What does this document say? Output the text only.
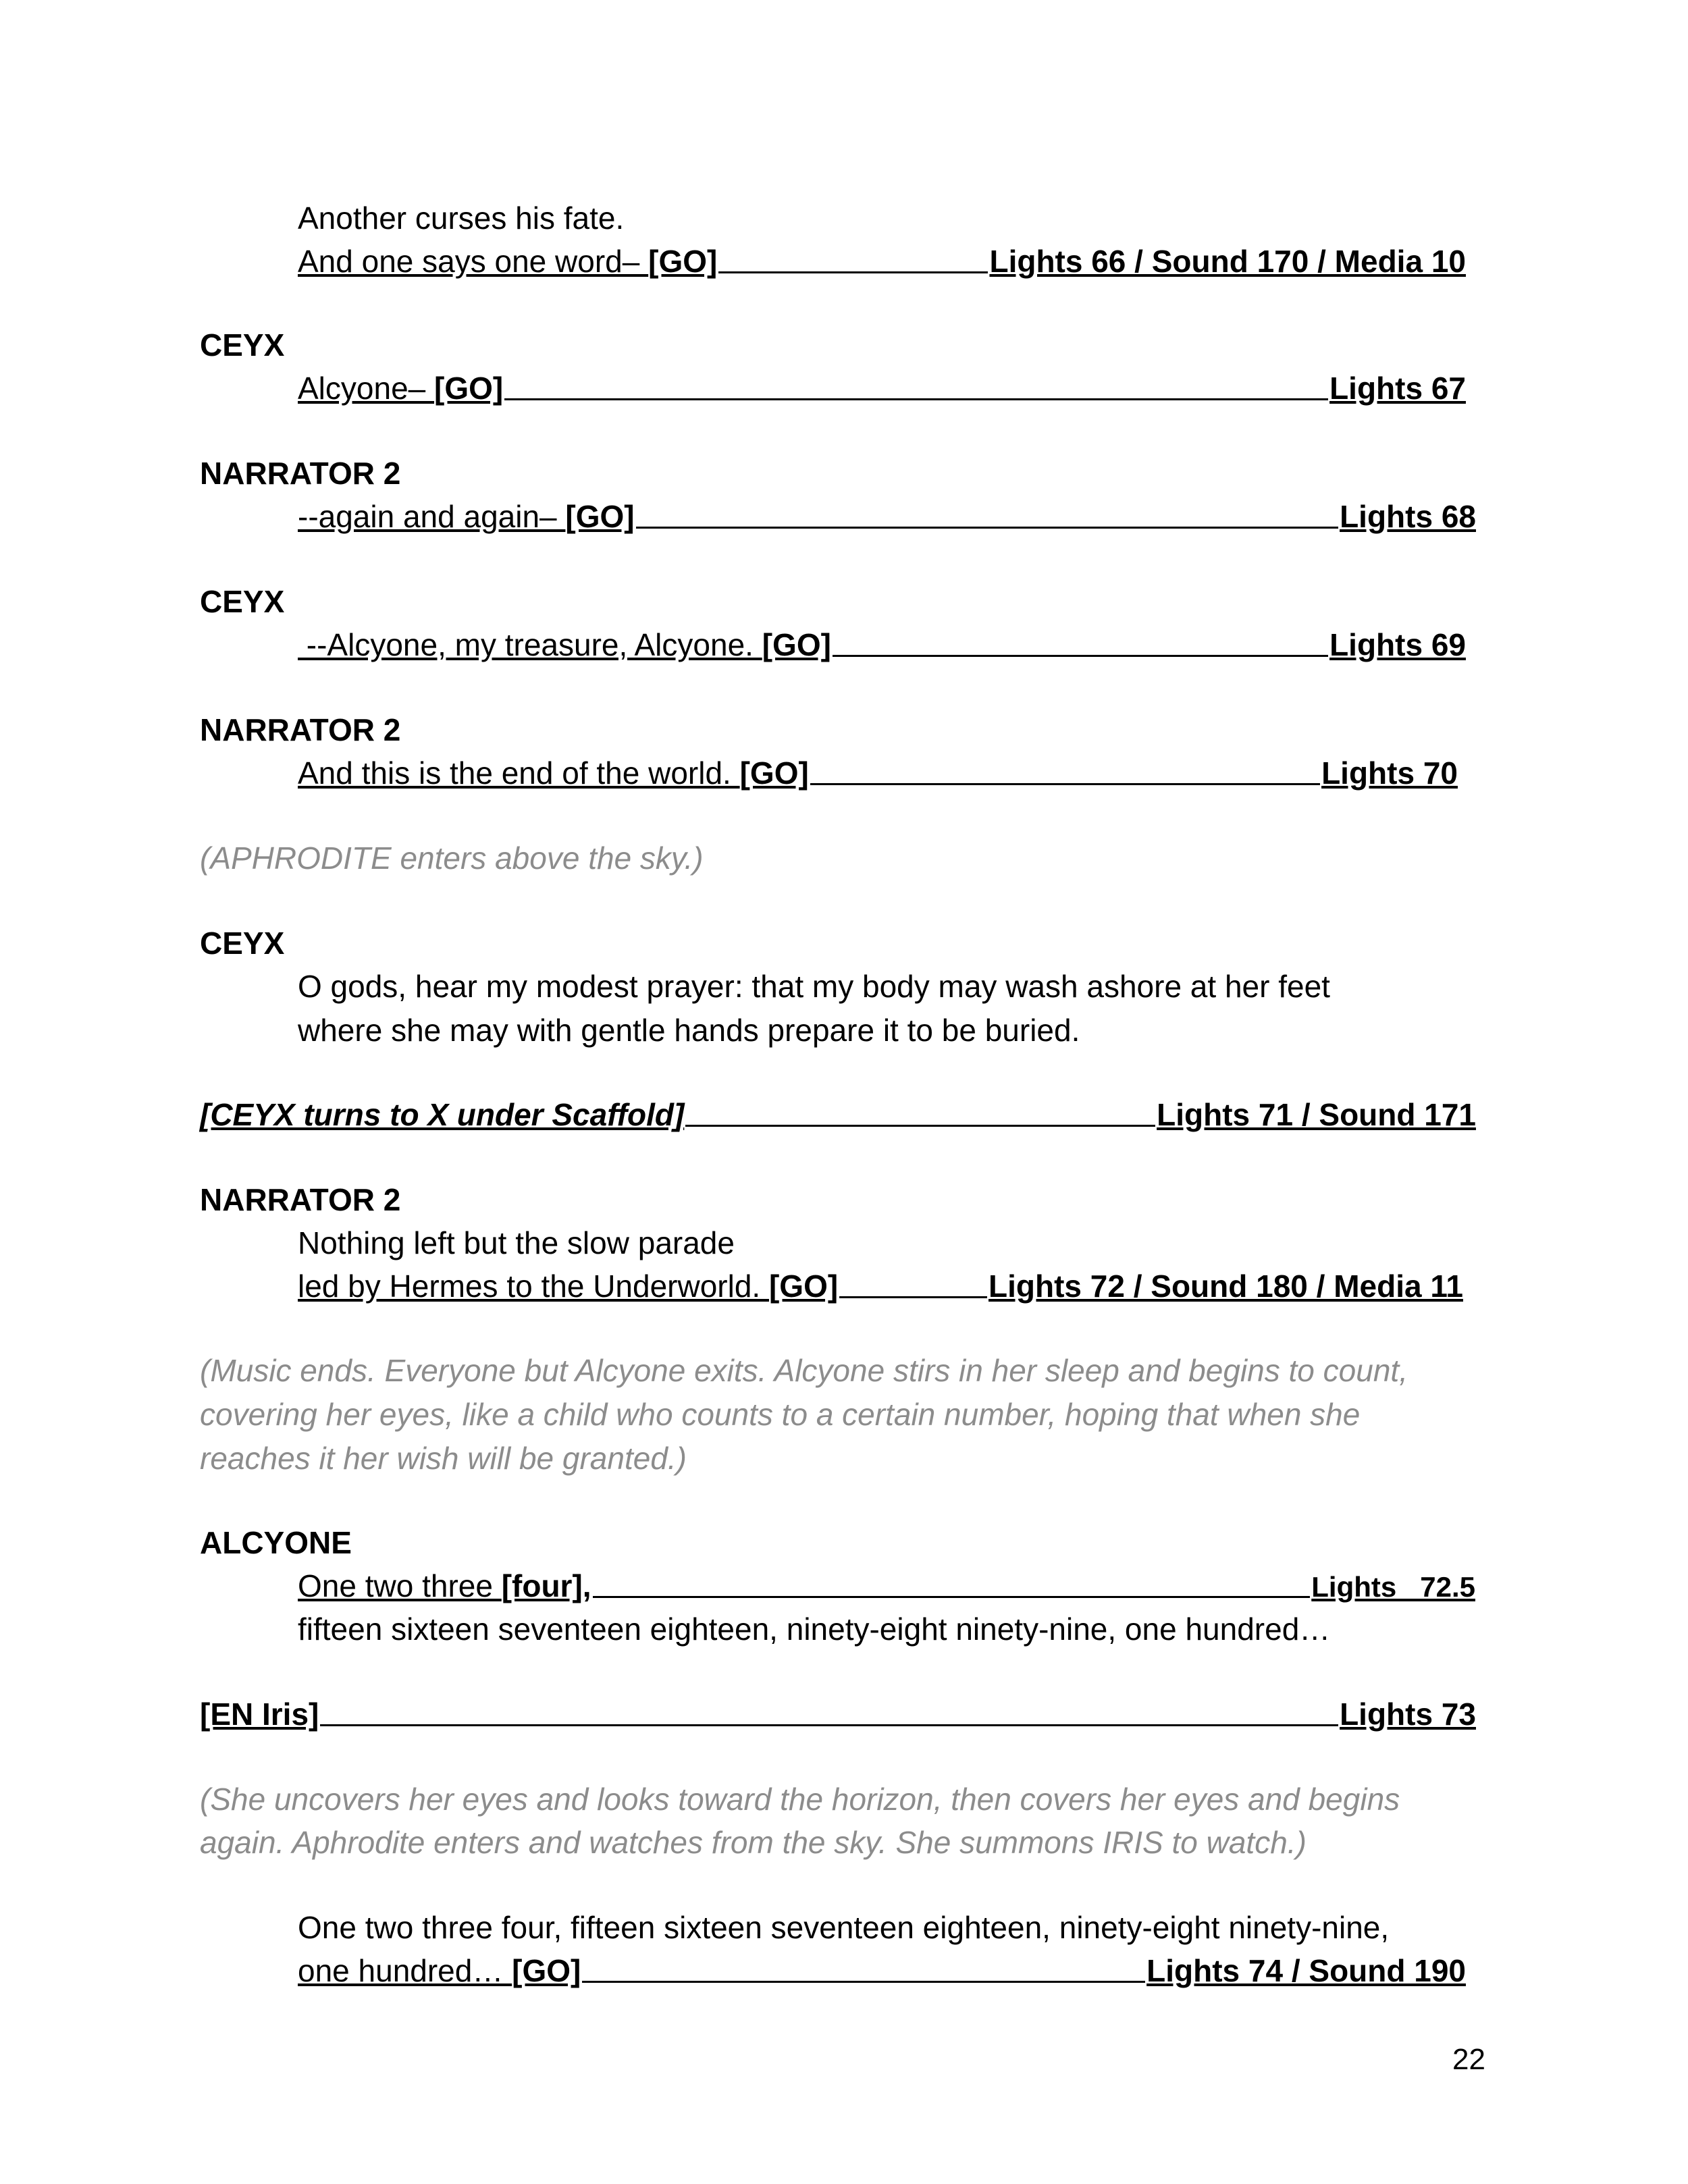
Another curses his fate.
And one says one word– [GO]	Lights 66 / Sound 170 / Media 10
CEYX
Alcyone– [GO]	Lights 67
NARRATOR 2
--again and again– [GO]	Lights 68
CEYX
--Alcyone, my treasure, Alcyone. [GO]	Lights 69
NARRATOR 2
And this is the end of the world. [GO]	Lights 70
(APHRODITE enters above the sky.)
CEYX
O gods, hear my modest prayer: that my body may wash ashore at her feet
where she may with gentle hands prepare it to be buried.
[CEYX turns to X under Scaffold]	Lights 71 / Sound 171
NARRATOR 2
Nothing left but the slow parade
led by Hermes to the Underworld. [GO]	Lights 72 / Sound 180 / Media 11
(Music ends. Everyone but Alcyone exits. Alcyone stirs in her sleep and begins to count,
covering her eyes, like a child who counts to a certain number, hoping that when she
reaches it her wish will be granted.)
ALCYONE
One two three [four],	Lights   72.5
fifteen sixteen seventeen eighteen, ninety-eight ninety-nine, one hundred…
[EN Iris]	Lights 73
(She uncovers her eyes and looks toward the horizon, then covers her eyes and begins
again. Aphrodite enters and watches from the sky. She summons IRIS to watch.)
One two three four, fifteen sixteen seventeen eighteen, ninety-eight ninety-nine,
one hundred… [GO]	Lights 74 / Sound 190
22
